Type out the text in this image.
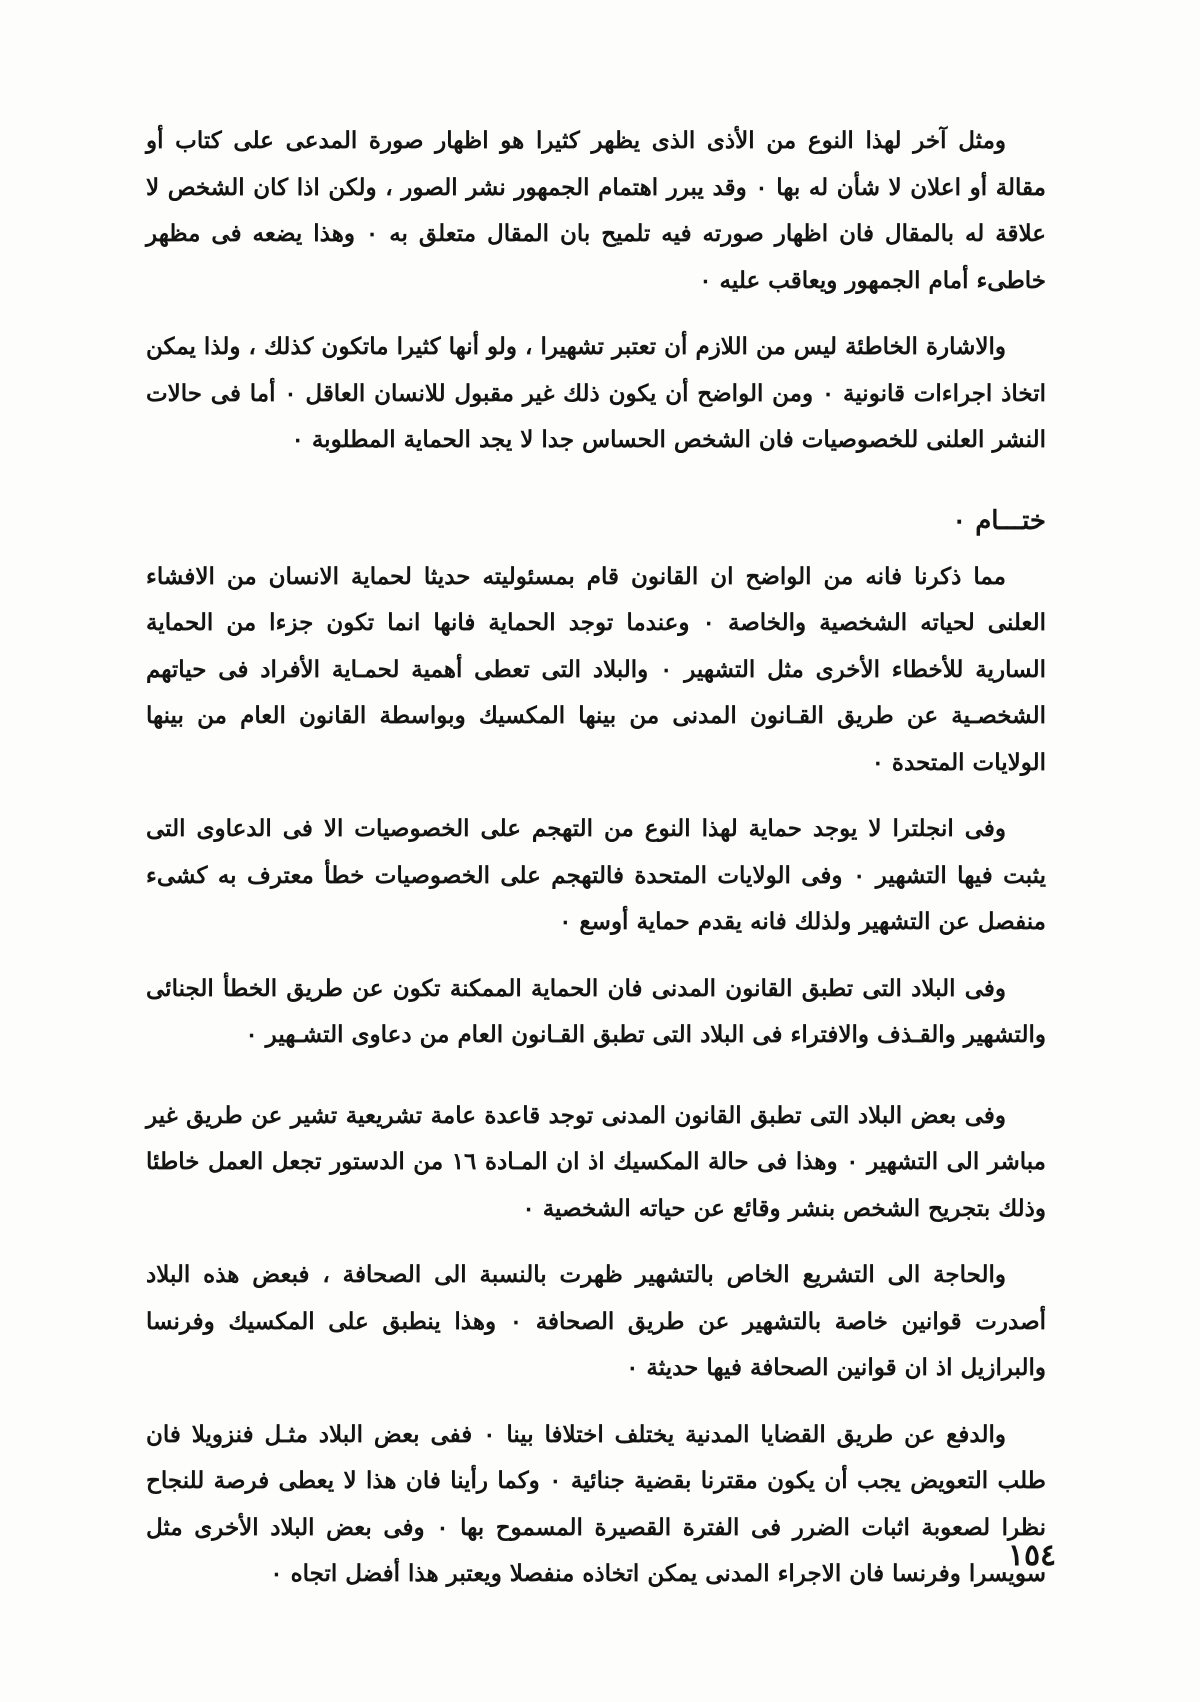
ومثل آخر لهذا النوع من الأذى الذى يظهر كثيرا هو اظهار صورة المدعى على كتاب أو مقالة أو اعلان لا شأن له بها ٠ وقد يبرر اهتمام الجمهور نشر الصور ، ولكن اذا كان الشخص لا علاقة له بالمقال فان اظهار صورته فيه تلميح بان المقال متعلق به ٠ وهذا يضعه فى مظهر خاطىء أمام الجمهور ويعاقب عليه ٠

والاشارة الخاطئة ليس من اللازم أن تعتبر تشهيرا ، ولو أنها كثيرا ماتكون كذلك ، ولذا يمكن اتخاذ اجراءات قانونية ٠ ومن الواضح أن يكون ذلك غير مقبول للانسان العاقل ٠ أما فى حالات النشر العلنى للخصوصيات فان الشخص الحساس جدا لا يجد الحماية المطلوبة ٠

ختـــام ٠

مما ذكرنا فانه من الواضح ان القانون قام بمسئوليته حديثا لحماية الانسان من الافشاء العلنى لحياته الشخصية والخاصة ٠ وعندما توجد الحماية فانها انما تكون جزءا من الحماية السارية للأخطاء الأخرى مثل التشهير ٠ والبلاد التى تعطى أهمية لحمـاية الأفراد فى حياتهم الشخصـية عن طريق القـانون المدنى من بينها المكسيك وبواسطة القانون العام من بينها الولايات المتحدة ٠

وفى انجلترا لا يوجد حماية لهذا النوع من التهجم على الخصوصيات الا فى الدعاوى التى يثبت فيها التشهير ٠ وفى الولايات المتحدة فالتهجم على الخصوصيات خطأ معترف به كشىء منفصل عن التشهير ولذلك فانه يقدم حماية أوسع ٠

وفى البلاد التى تطبق القانون المدنى فان الحماية الممكنة تكون عن طريق الخطأ الجنائى والتشهير والقـذف والافتراء فى البلاد التى تطبق القـانون العام من دعاوى التشـهير ٠

وفى بعض البلاد التى تطبق القانون المدنى توجد قاعدة عامة تشريعية تشير عن طريق غير مباشر الى التشهير ٠ وهذا فى حالة المكسيك اذ ان المـادة ١٦ من الدستور تجعل العمل خاطئا وذلك بتجريح الشخص بنشر وقائع عن حياته الشخصية ٠

والحاجة الى التشريع الخاص بالتشهير ظهرت بالنسبة الى الصحافة ، فبعض هذه البلاد أصدرت قوانين خاصة بالتشهير عن طريق الصحافة ٠ وهذا ينطبق على المكسيك وفرنسا والبرازيل اذ ان قوانين الصحافة فيها حديثة ٠

والدفع عن طريق القضايا المدنية يختلف اختلافا بينا ٠ ففى بعض البلاد مثـل فنزويلا فان طلب التعويض يجب أن يكون مقترنا بقضية جنائية ٠ وكما رأينا فان هذا لا يعطى فرصة للنجاح نظرا لصعوبة اثبات الضرر فى الفترة القصيرة المسموح بها ٠ وفى بعض البلاد الأخرى مثل سويسرا وفرنسا فان الاجراء المدنى يمكن اتخاذه منفصلا ويعتبر هذا أفضل اتجاه ٠

١٥٤
